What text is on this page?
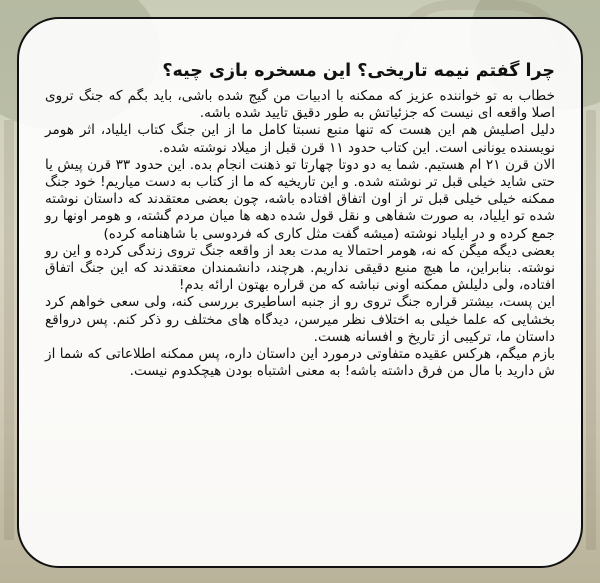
چرا گفتم نیمه تاریخی؟ این مسخره بازی چیه؟

خطاب به تو خواننده عزیز که ممکنه با ادبیات من گیج شده باشی، باید بگم که جنگ تروی اصلا واقعه ای نیست که جزئیاتش به طور دقیق تایید شده باشه.

دلیل اصلیش هم این هست که تنها منبع نسبتا کامل ما از این جنگ کتاب ایلیاد، اثر هومر نویسنده یونانی است. این کتاب حدود ۱۱ قرن قبل از میلاد نوشته شده.

الان قرن ۲۱ ام هستیم. شما یه دو دوتا چهارتا تو ذهنت انجام بده. این حدود ۳۳ قرن پیش یا حتی شاید خیلی قبل تر نوشته شده. و این تاریخیه که ما از کتاب به دست میاریم! خود جنگ ممکنه خیلی خیلی قبل تر از اون اتفاق افتاده باشه، چون بعضی معتقدند که داستان نوشته شده تو ایلیاد، به صورت شفاهی و نقل قول شده دهه ها میان مردم گشته، و هومر اونها رو جمع کرده و در ایلیاد نوشته (میشه گفت مثل کاری که فردوسی با شاهنامه کرده)

بعضی دیگه میگن که نه، هومر احتمالا یه مدت بعد از واقعه جنگ تروی زندگی کرده و این رو نوشته. بنابراین، ما هیچ منبع دقیقی نداریم. هرچند، دانشمندان معتقدند که این جنگ اتفاق افتاده، ولی دلیلش ممکنه اونی نباشه که من قراره بهتون ارائه بدم!

این پست، بیشتر قراره جنگ تروی رو از جنبه اساطیری بررسی کنه، ولی سعی خواهم کرد بخشایی که علما خیلی به اختلاف نظر میرسن، دیدگاه های مختلف رو ذکر کنم. پس درواقع داستان ما، ترکیبی از تاریخ و افسانه هست.

بازم میگم، هرکس عقیده متفاوتی درمورد این داستان داره، پس ممکنه اطلاعاتی که شما از ش دارید با مال من فرق داشته باشه! به معنی اشتباه بودن هیچکدوم نیست.
